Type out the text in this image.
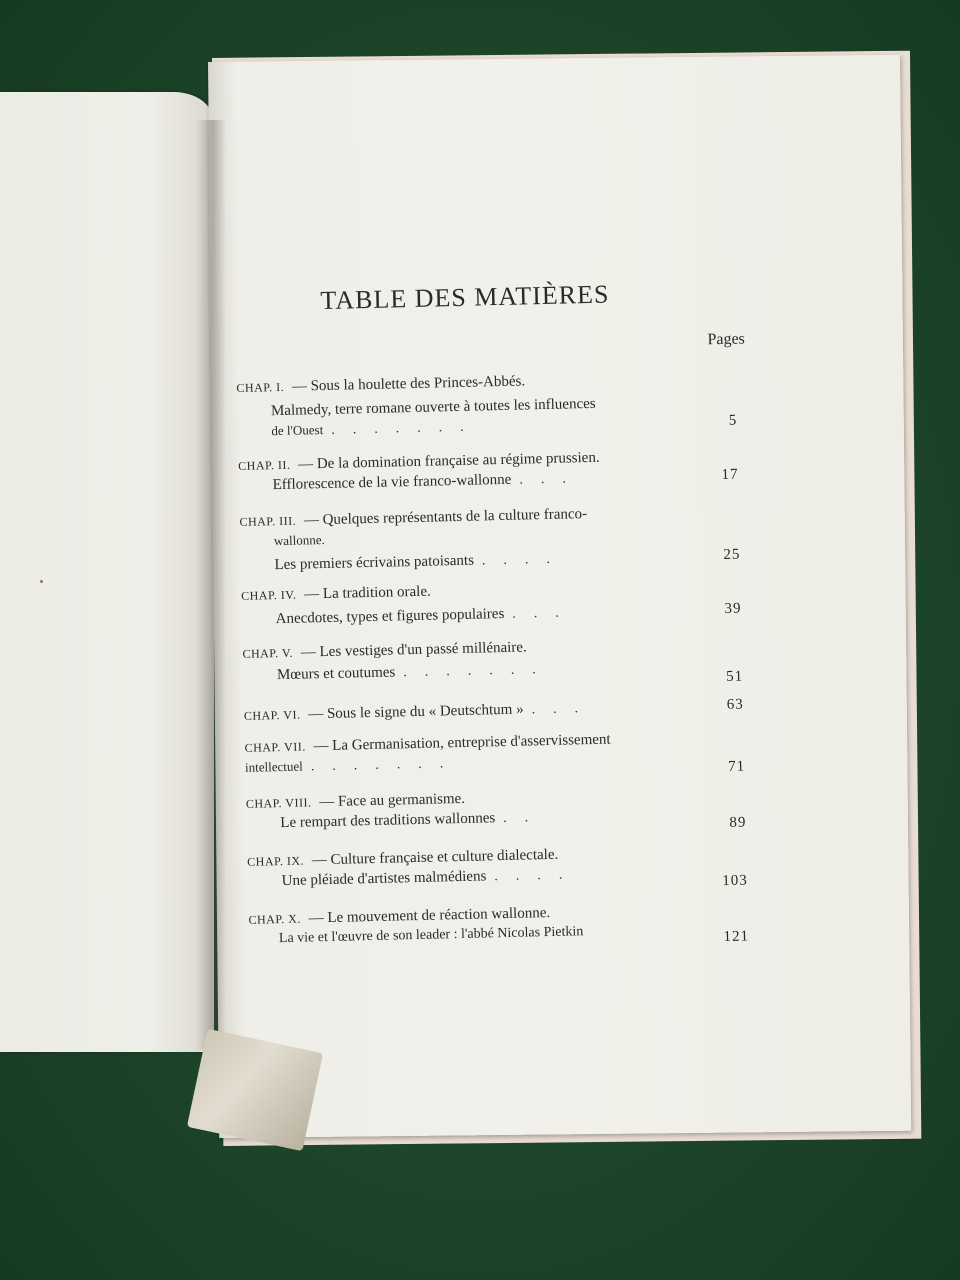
TABLE DES MATIÈRES
Pages
CHAP. I. — Sous la houlette des Princes-Abbés.
Malmedy, terre romane ouverte à toutes les influences
de l'Ouest .......	5
CHAP. II. — De la domination française au régime prussien.
Efflorescence de la vie franco-wallonne ...	17
CHAP. III. — Quelques représentants de la culture franco-
wallonne.
Les premiers écrivains patoisants ....	25
CHAP. IV. — La tradition orale.
Anecdotes, types et figures populaires ...	39
CHAP. V. — Les vestiges d'un passé millénaire.
Mœurs et coutumes .......	51
CHAP. VI. — Sous le signe du « Deutschtum » ...	63
CHAP. VII. — La Germanisation, entreprise d'asservissement
intellectuel .......	71
CHAP. VIII. — Face au germanisme.
Le rempart des traditions wallonnes ..	89
CHAP. IX. — Culture française et culture dialectale.
Une pléiade d'artistes malmédiens ....	103
CHAP. X. — Le mouvement de réaction wallonne.
La vie et l'œuvre de son leader : l'abbé Nicolas Pietkin	121
